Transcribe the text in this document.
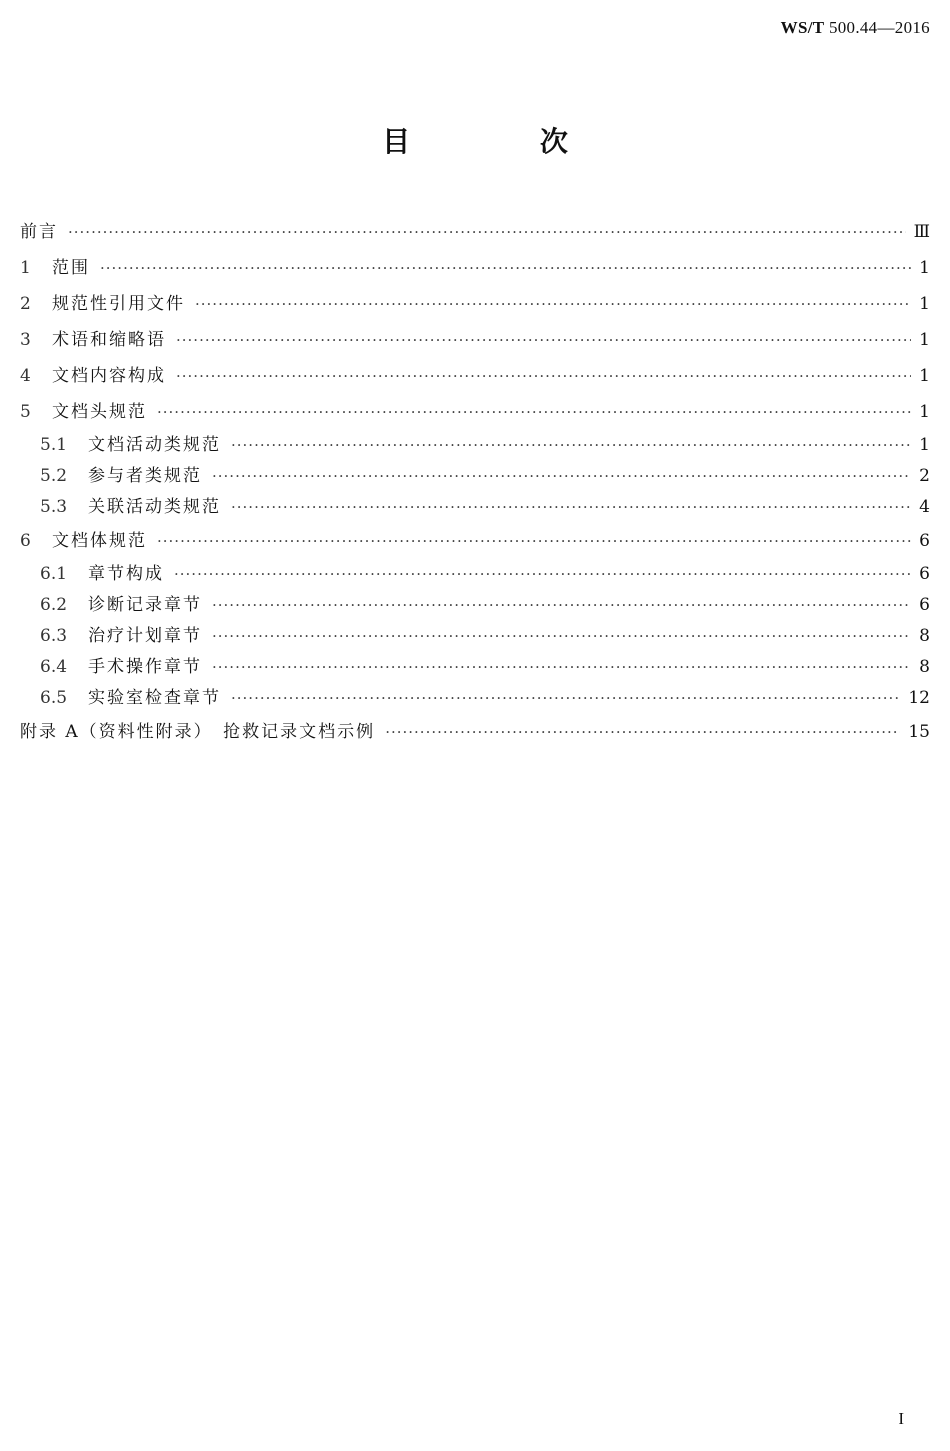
WS/T 500.44—2016
目 次
前言 ·····	Ⅲ
1	范围 ·····	1
2	规范性引用文件 ·····	1
3	术语和缩略语 ·····	1
4	文档内容构成 ·····	1
5	文档头规范 ·····	1
5.1	文档活动类规范 ·····	1
5.2	参与者类规范 ·····	2
5.3	关联活动类规范 ·····	4
6	文档体规范 ·····	6
6.1	章节构成 ·····	6
6.2	诊断记录章节 ·····	6
6.3	治疗计划章节 ·····	8
6.4	手术操作章节 ·····	8
6.5	实验室检查章节 ·····	12
附录 A（资料性附录）　抢救记录文档示例 ·····	15
I
